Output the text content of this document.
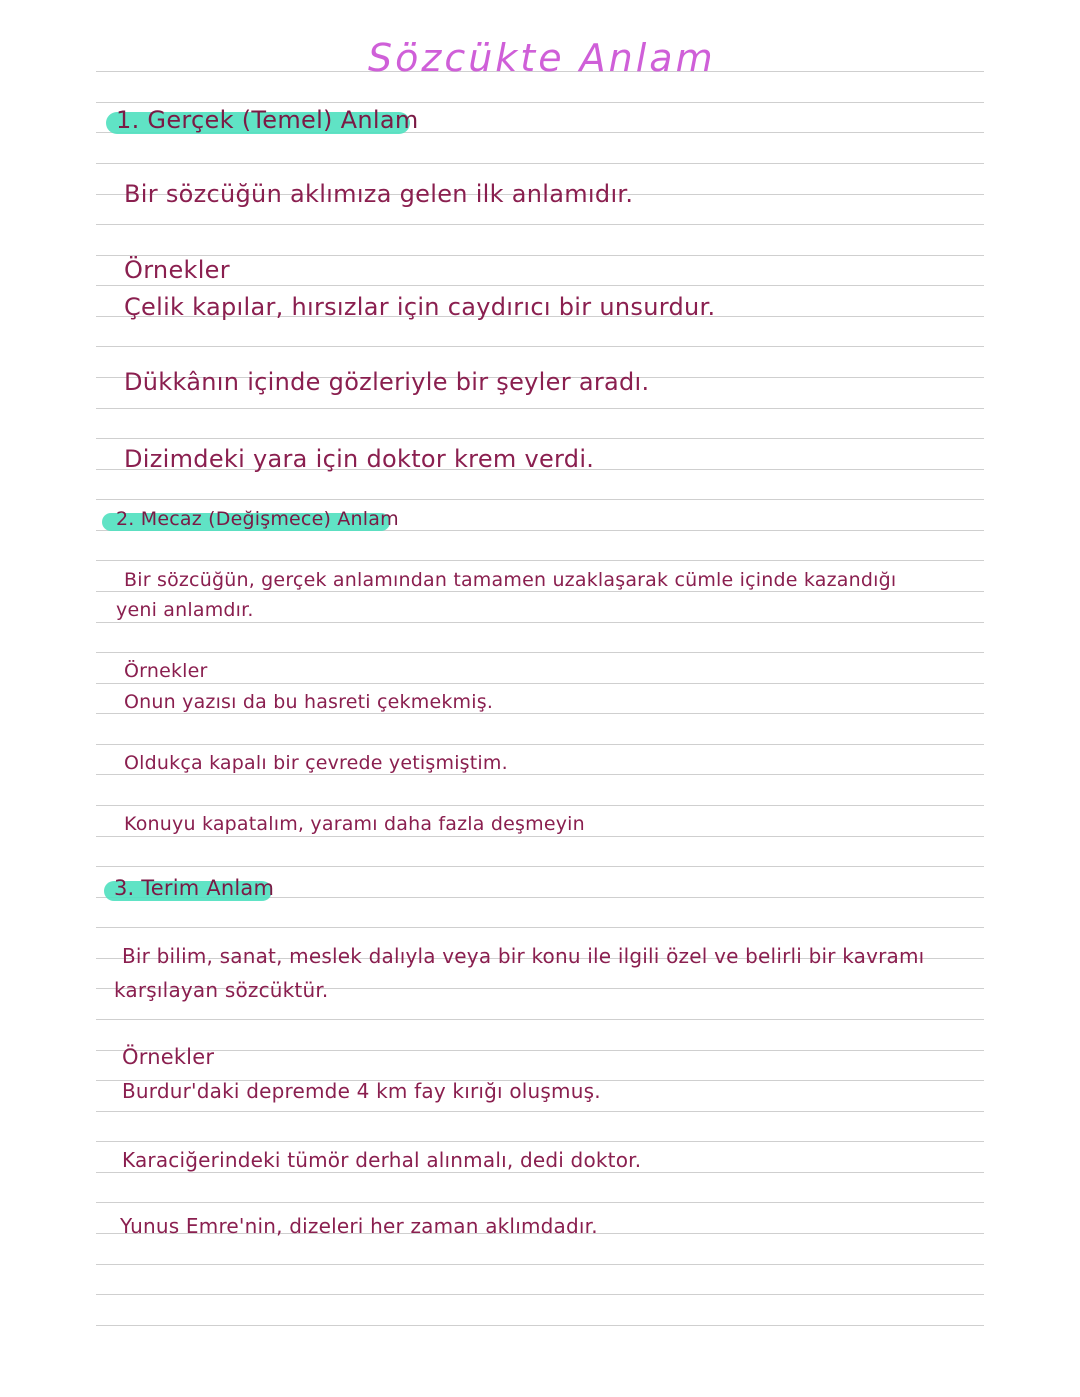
Sözcükte Anlam
1. Gerçek (Temel) Anlam
Bir sözcüğün aklımıza gelen ilk anlamıdır.
Örnekler
Çelik kapılar, hırsızlar için caydırıcı bir unsurdur.
Dükkânın içinde gözleriyle bir şeyler aradı.
Dizimdeki yara için doktor krem verdi.
2. Mecaz (Değişmece) Anlam
Bir sözcüğün, gerçek anlamından tamamen uzaklaşarak cümle içinde kazandığı
yeni anlamdır.
Örnekler
Onun yazısı da bu hasreti çekmekmiş.
Oldukça kapalı bir çevrede yetişmiştim.
Konuyu kapatalım, yaramı daha fazla deşmeyin
3. Terim Anlam
Bir bilim, sanat, meslek dalıyla veya bir konu ile ilgili özel ve belirli bir kavramı
karşılayan sözcüktür.
Örnekler
Burdur'daki depremde 4 km fay kırığı oluşmuş.
Karaciğerindeki tümör derhal alınmalı, dedi doktor.
Yunus Emre'nin, dizeleri her zaman aklımdadır.
